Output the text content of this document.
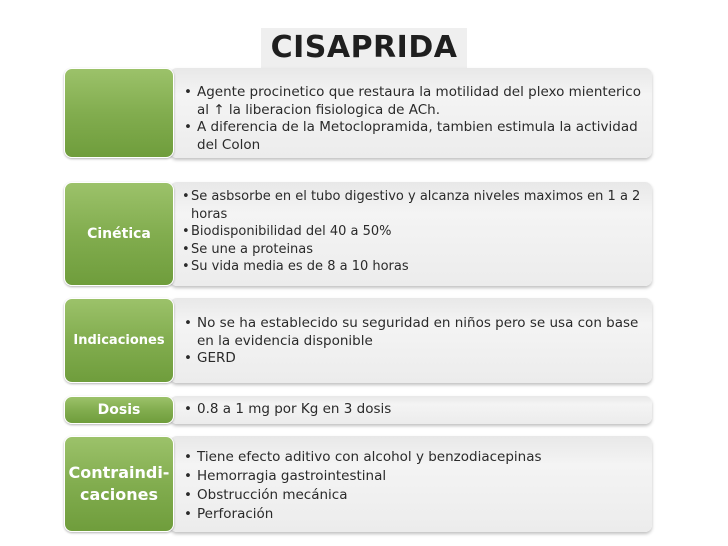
CISAPRIDA
• Agente procinetico que restaura la motilidad del plexo mienterico al ↑ la liberacion fisiologica de ACh.
• A diferencia de la Metoclopramida, tambien estimula la actividad del Colon
Cinética
• Se asbsorbe en el tubo digestivo y alcanza niveles maximos en 1 a 2 horas
• Biodisponibilidad del 40 a 50%
• Se une a proteinas
• Su vida media es de 8 a 10 horas
Indicaciones
• No se ha establecido su seguridad en niños pero se usa con base en la evidencia disponible
• GERD
Dosis
•	0.8 a 1 mg por Kg en 3 dosis
Contraindi-
caciones
• Tiene efecto aditivo con alcohol y benzodiacepinas
• Hemorragia gastrointestinal
• Obstrucción mecánica
• Perforación
